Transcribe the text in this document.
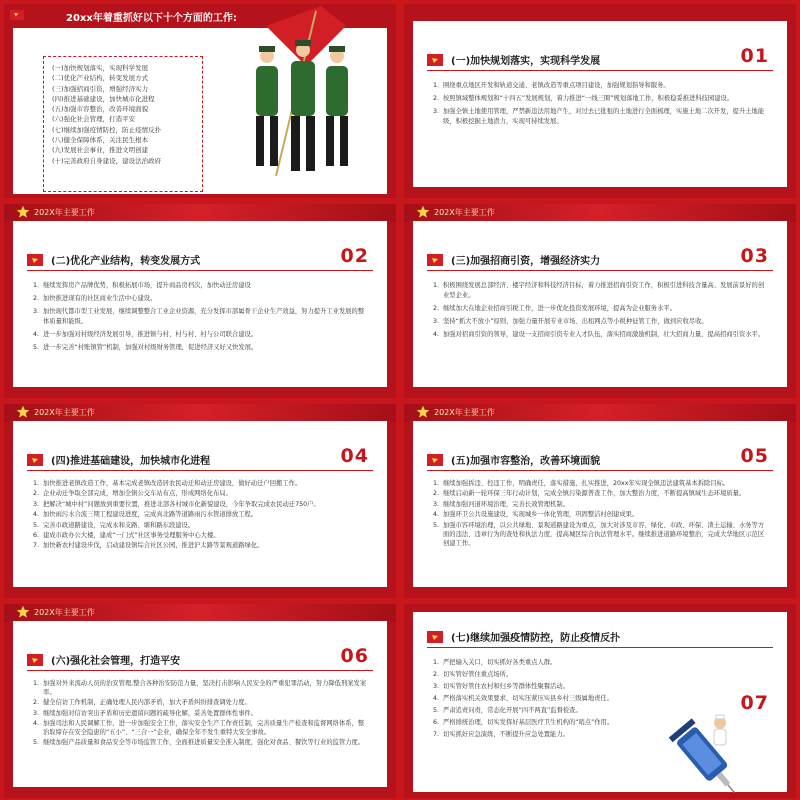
(一)加快规划落实，实现科学发展
(二)优化产业结构，转变发展方式
(三)加强招商引资，增强经济实力
(四)推进基础建设，加快城市化进程
(五)加强市容整治，改善环境面貌
(六)强化社会管理，打造平安
(七)继续加强疫情防控，防止疫情反扑
(八)健全保障体系，关注民生根本
(九)发展社会事业，推进文明创建
(十)完善政府自身建设，建设法治政府
20xx年着重抓好以下十个方面的工作:
(一)加快规划落实，实现科学发展	01
1. 围绕重点地区开发和轨道交通、老镇改造等重点项目建设，加强规划指导和服务。
2. 按照镇域整体规划和“十四五”发展规划，着力推进“一线三圈”规划落地工作，积极稳妥推进科技园建设。
3. 加强全镇土地使用管理，严禁新违法用地产生，对过去已批租的土地进行全面梳理，实施土地二次开发，提升土地能级，积极挖掘土地潜力，实现可持续发展。
202X年主要工作
(二)优化产业结构，转变发展方式	02
1. 继续发挥房产品牌优势，积极拓展市场，提升商品房档次，加快动迁房建设
2. 加快推进现有的社区商业生活中心建设。
3. 加快现代都市型工业发展，继续调整整合工业企业资源，充分发挥市部属骨干企业生产效益，努力提升工业发展的整体质量和能级。
4. 进一步加强对村级经济发展引导，推进镇与村、村与村、村与公司联合建设。
5. 进一步完善“村账镇管”机制，加强对村级财务管理，促进经济又好又快发展。
202X年主要工作
(三)加强招商引资，增强经济实力	03
1. 积极围绕发展总部经济、楼宇经济和科技经济目标，着力推进招商引资工作，积极引进科技含量高、发展前景好的创业型企业。
2. 继续加大在地企业招商引税工作，进一步优化投资发展环境，提高为企业服务水平。
3. 坚持“抓大不放小”原则，加强力量开展专业市场、出租网点等小税种征管工作，做到应收尽收。
4. 加强对招商引资的领导，建设一支招商引资专业人才队伍，落实招商激励机制，壮大招商力量，提高招商引资水平。
202X年主要工作
(四)推进基础建设，加快城市化进程	04
1. 加快推进老镇改造工作，基本完成老镇改造居农民动迁和动迁房建设，做好动迁户回搬工作。
2. 企业动迁争取全部完成，增加全镇公交车站布点，形成网络化布局。
3. 把解决“城中村”问题放到重要位置，推进北部各村城市化新貌建设，今年争取完成农民动迁750户。
4. 加快雨污水合流三期工程建设进度，完成真北路等道路雨污水管道排放工程。
5. 完善市政道路建设，完成永和支路、塘和路东段建设。
6. 建成市政办公大楼，建成“一门式”社区事务受理服务中心大楼。
7. 加快新农村建设步伐，启动建设镇综合社区公园，推进沪太路等景观道路绿化。
202X年主要工作
(五)加强市容整治，改善环境面貌	05
1. 继续加强拆违、控违工作，明确责任，落实措施，扎实推进，20xx年实现全镇违法建筑基本拆除目标。
2. 继续启动新一轮环保三年行动计划，完成全镇污染源普查工作，加大整治力度，不断提高镇域生态环境质量。
3. 继续加强河道环境治理，完善长效管理机制。
4. 加强环卫公共设施建设，实现城乡一体化管理，巩固整洁村创建成果。
5. 加强市容环境治理，以公共绿地、景观道路建设为重点，加大对涉及市容、绿化、市政、环保、渣土运输、水务等方面的违法、违章行为的查处和执法力度，提高城区综合执法管理水平。继续推进道路环境整治，完成大华地区示范区创建工作。
202X年主要工作
(六)强化社会管理，打造平安	06
1. 加强对外来流动人员的治安管理,整合各种治安防范力量，坚决打击影响人民安全的严重犯罪活动，努力降低刑案发案率。
2. 健全信访工作机制，正确处理人民内部矛盾，加大矛盾纠纷排查调处力度。
3. 继续加强对信访突出矛盾和历史遗留问题的疏导化解，妥善处置群体性事件。
4. 加强司法和人民调解工作，进一步加强安全工作，落实安全生产工作责任制，完善质量生产检查和监督网络体系，整治取缔存在安全隐患的“五小”、“三合一”企业，确保全年不发生重特大安全事故。
5. 继续加强产品质量和食品安全等市场监管工作，全面推进质量安全准入制度，强化对食品、餐饮等行业的监管力度。
(七)继续加强疫情防控，防止疫情反扑
07
1. 严把输入关口，切实抓好各类重点人群。
2. 切实管好管住重点场所。
3. 切实管好管住农村和归乡等群体性聚餐活动。
4. 严格落实机关效果要求，切实压紧压实县乡村三级属地责任。
5. 严肃追责问责，常态化开展“四不两直”监督检查。
6. 严格排统治理，切实发挥好基层医疗卫生机构的“哨点”作用。
7. 切实抓好应急演练，不断提升应急处置能力。
